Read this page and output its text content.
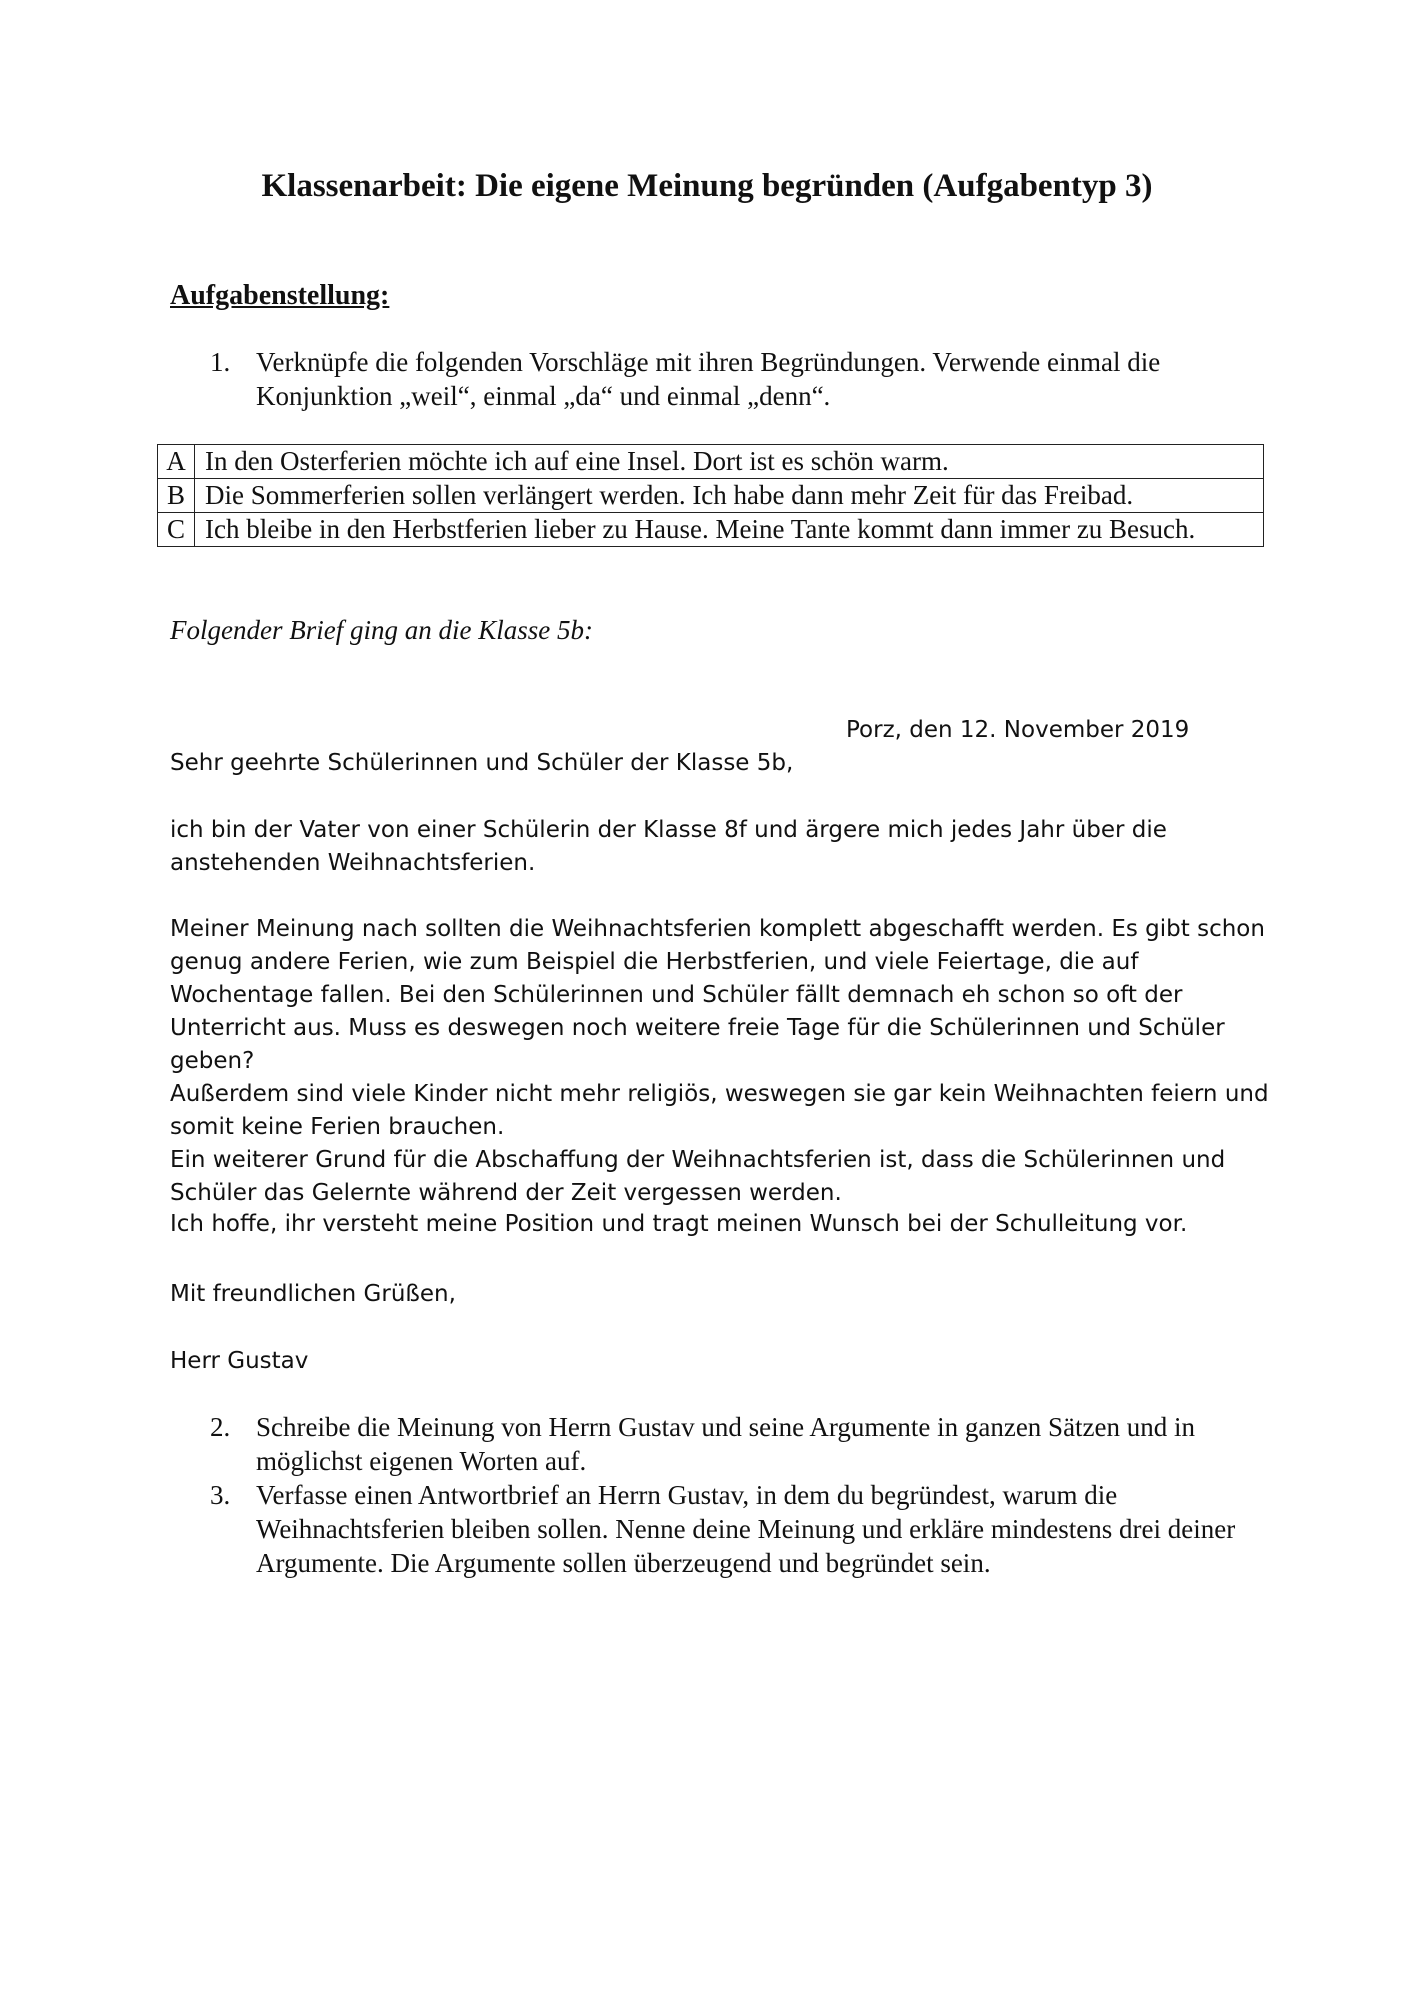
Klassenarbeit: Die eigene Meinung begründen (Aufgabentyp 3)
Aufgabenstellung:
1. Verknüpfe die folgenden Vorschläge mit ihren Begründungen. Verwende einmal die Konjunktion „weil“, einmal „da“ und einmal „denn“.
A	In den Osterferien möchte ich auf eine Insel. Dort ist es schön warm.
B	Die Sommerferien sollen verlängert werden. Ich habe dann mehr Zeit für das Freibad.
C	Ich bleibe in den Herbstferien lieber zu Hause. Meine Tante kommt dann immer zu Besuch.
Folgender Brief ging an die Klasse 5b:
Porz, den 12. November 2019
Sehr geehrte Schülerinnen und Schüler der Klasse 5b,

ich bin der Vater von einer Schülerin der Klasse 8f und ärgere mich jedes Jahr über die anstehenden Weihnachtsferien.

Meiner Meinung nach sollten die Weihnachtsferien komplett abgeschafft werden. Es gibt schon genug andere Ferien, wie zum Beispiel die Herbstferien, und viele Feiertage, die auf Wochentage fallen. Bei den Schülerinnen und Schüler fällt demnach eh schon so oft der Unterricht aus. Muss es deswegen noch weitere freie Tage für die Schülerinnen und Schüler geben?
Außerdem sind viele Kinder nicht mehr religiös, weswegen sie gar kein Weihnachten feiern und somit keine Ferien brauchen.
Ein weiterer Grund für die Abschaffung der Weihnachtsferien ist, dass die Schülerinnen und Schüler das Gelernte während der Zeit vergessen werden.

Ich hoffe, ihr versteht meine Position und tragt meinen Wunsch bei der Schulleitung vor.

Mit freundlichen Grüßen,

Herr Gustav

2. Schreibe die Meinung von Herrn Gustav und seine Argumente in ganzen Sätzen und in möglichst eigenen Worten auf.
3. Verfasse einen Antwortbrief an Herrn Gustav, in dem du begründest, warum die Weihnachtsferien bleiben sollen. Nenne deine Meinung und erkläre mindestens drei deiner Argumente. Die Argumente sollen überzeugend und begründet sein.
